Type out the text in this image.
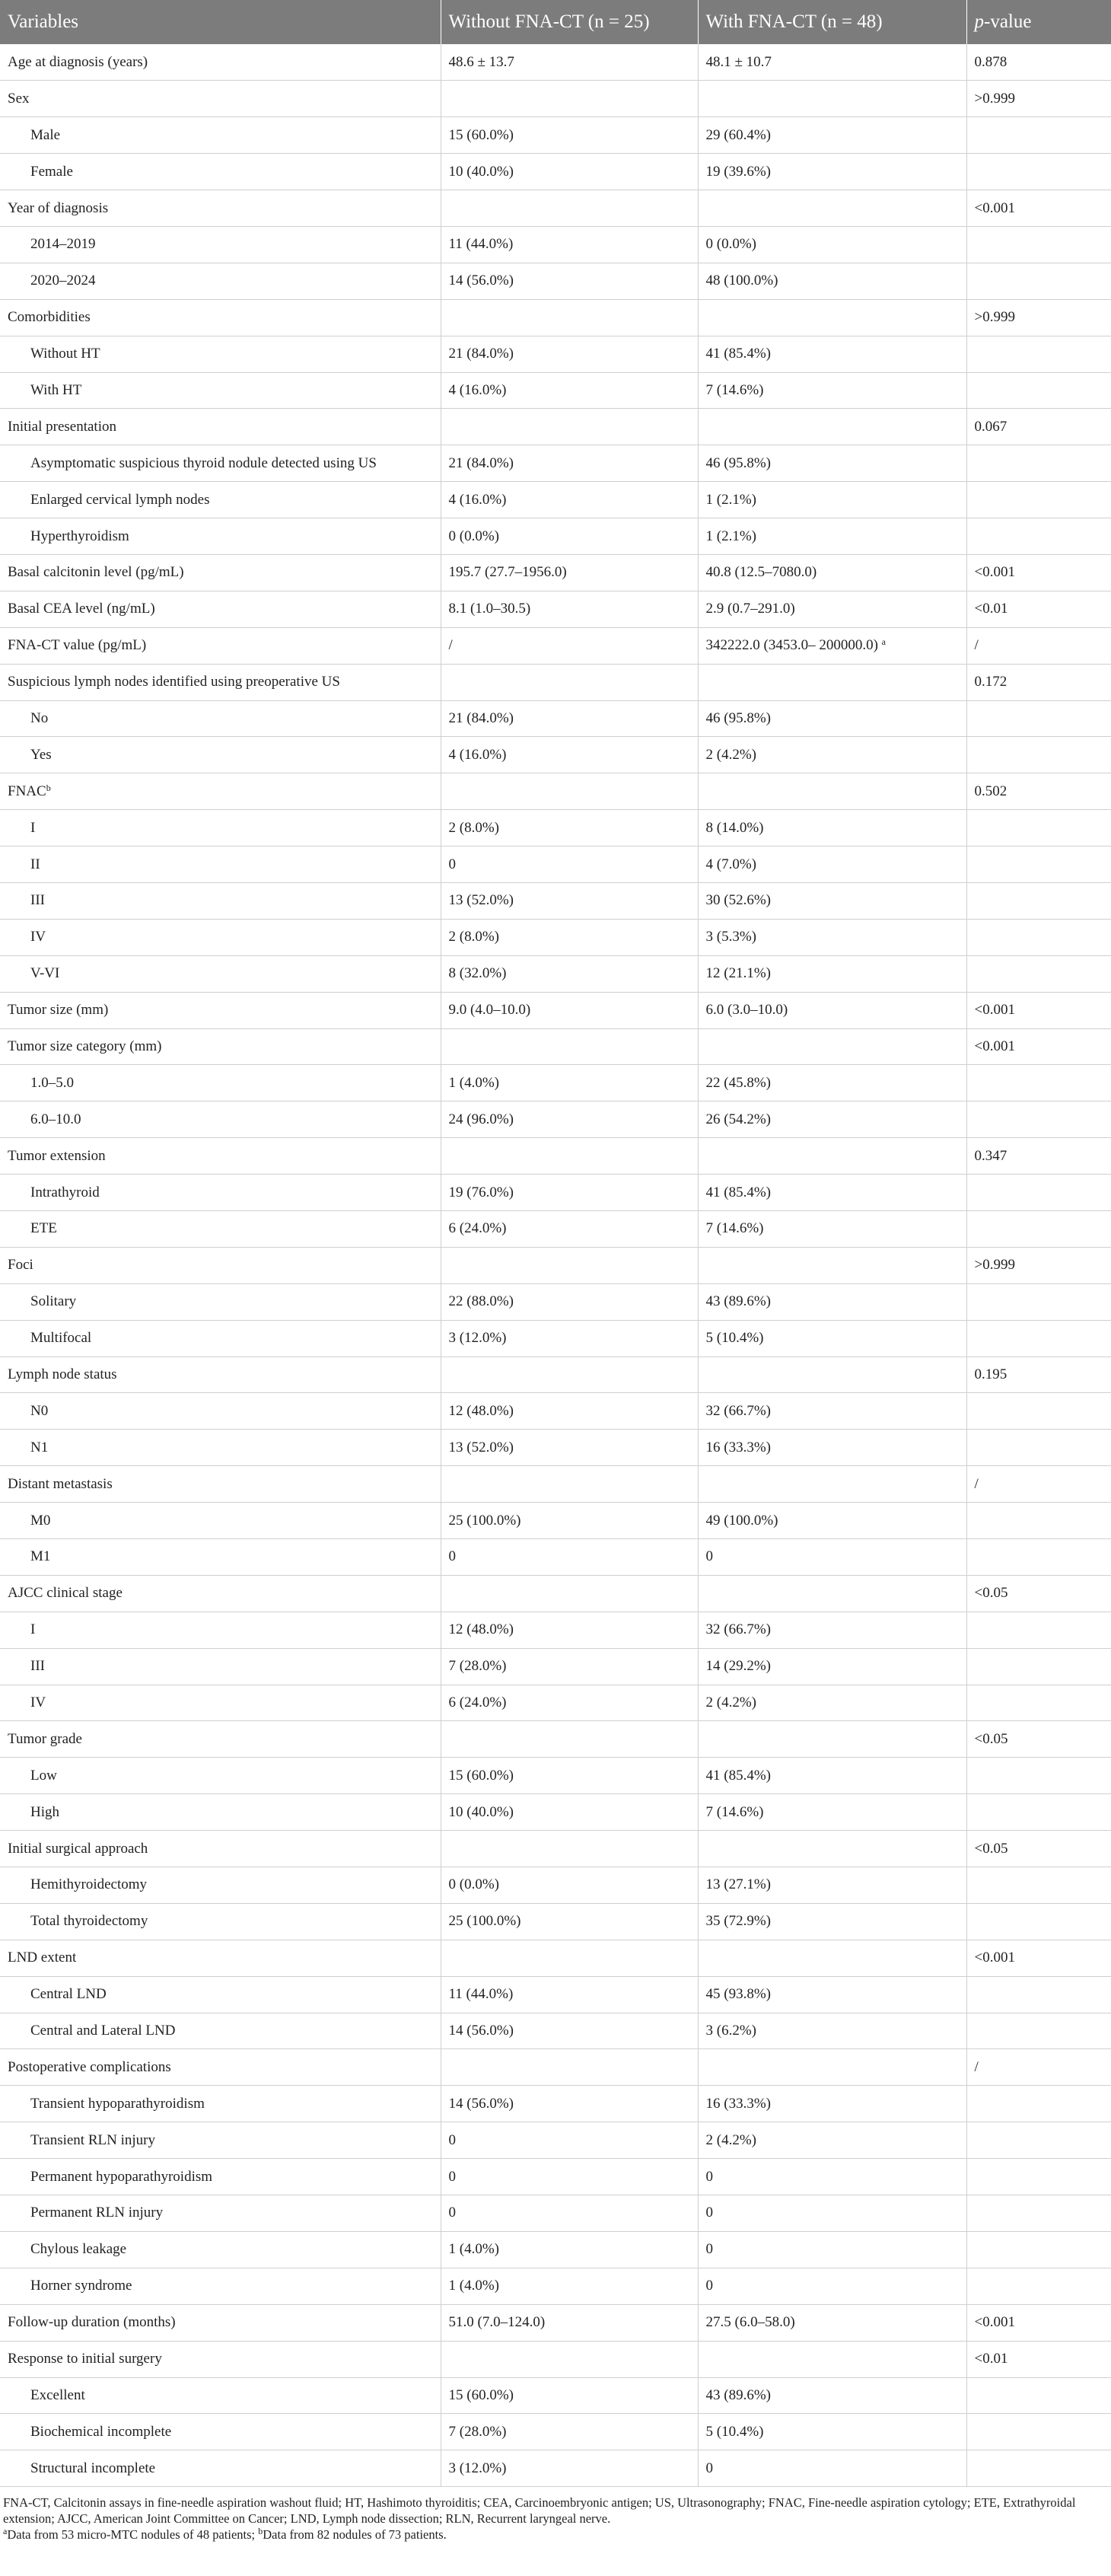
Variables	Without FNA-CT (n = 25)	With FNA-CT (n = 48)	p-value
Age at diagnosis (years)	48.6 ± 13.7	48.1 ± 10.7	0.878
Sex			>0.999
Male	15 (60.0%)	29 (60.4%)	
Female	10 (40.0%)	19 (39.6%)	
Year of diagnosis			<0.001
2014–2019	11 (44.0%)	0 (0.0%)	
2020–2024	14 (56.0%)	48 (100.0%)	
Comorbidities			>0.999
Without HT	21 (84.0%)	41 (85.4%)	
With HT	4 (16.0%)	7 (14.6%)	
Initial presentation			0.067
Asymptomatic suspicious thyroid nodule detected using US	21 (84.0%)	46 (95.8%)	
Enlarged cervical lymph nodes	4 (16.0%)	1 (2.1%)	
Hyperthyroidism	0 (0.0%)	1 (2.1%)	
Basal calcitonin level (pg/mL)	195.7 (27.7–1956.0)	40.8 (12.5–7080.0)	<0.001
Basal CEA level (ng/mL)	8.1 (1.0–30.5)	2.9 (0.7–291.0)	<0.01
FNA-CT value (pg/mL)	/	342222.0 (3453.0– 200000.0) $^a$	/
Suspicious lymph nodes identified using preoperative US			0.172
No	21 (84.0%)	46 (95.8%)	
Yes	4 (16.0%)	2 (4.2%)	
FNAC$^b$			0.502
I	2 (8.0%)	8 (14.0%)	
II	0	4 (7.0%)	
III	13 (52.0%)	30 (52.6%)	
IV	2 (8.0%)	3 (5.3%)	
V-VI	8 (32.0%)	12 (21.1%)	
Tumor size (mm)	9.0 (4.0–10.0)	6.0 (3.0–10.0)	<0.001
Tumor size category (mm)			<0.001
1.0–5.0	1 (4.0%)	22 (45.8%)	
6.0–10.0	24 (96.0%)	26 (54.2%)	
Tumor extension			0.347
Intrathyroid	19 (76.0%)	41 (85.4%)	
ETE	6 (24.0%)	7 (14.6%)	
Foci			>0.999
Solitary	22 (88.0%)	43 (89.6%)	
Multifocal	3 (12.0%)	5 (10.4%)	
Lymph node status			0.195
N0	12 (48.0%)	32 (66.7%)	
N1	13 (52.0%)	16 (33.3%)	
Distant metastasis			/
M0	25 (100.0%)	49 (100.0%)	
M1	0	0	
AJCC clinical stage			<0.05
I	12 (48.0%)	32 (66.7%)	
III	7 (28.0%)	14 (29.2%)	
IV	6 (24.0%)	2 (4.2%)	
Tumor grade			<0.05
Low	15 (60.0%)	41 (85.4%)	
High	10 (40.0%)	7 (14.6%)	
Initial surgical approach			<0.05
Hemithyroidectomy	0 (0.0%)	13 (27.1%)	
Total thyroidectomy	25 (100.0%)	35 (72.9%)	
LND extent			<0.001
Central LND	11 (44.0%)	45 (93.8%)	
Central and Lateral LND	14 (56.0%)	3 (6.2%)	
Postoperative complications			/
Transient hypoparathyroidism	14 (56.0%)	16 (33.3%)	
Transient RLN injury	0	2 (4.2%)	
Permanent hypoparathyroidism	0	0	
Permanent RLN injury	0	0	
Chylous leakage	1 (4.0%)	0	
Horner syndrome	1 (4.0%)	0	
Follow-up duration (months)	51.0 (7.0–124.0)	27.5 (6.0–58.0)	<0.001
Response to initial surgery			<0.01
Excellent	15 (60.0%)	43 (89.6%)	
Biochemical incomplete	7 (28.0%)	5 (10.4%)	
Structural incomplete	3 (12.0%)	0	

FNA-CT, Calcitonin assays in fine-needle aspiration washout fluid; HT, Hashimoto thyroiditis; CEA, Carcinoembryonic antigen; US, Ultrasonography; FNAC, Fine-needle aspiration cytology; ETE, Extrathyroidal extension; AJCC, American Joint Committee on Cancer; LND, Lymph node dissection; RLN, Recurrent laryngeal nerve.

$^a$Data from 53 micro-MTC nodules of 48 patients; $^b$Data from 82 nodules of 73 patients.
